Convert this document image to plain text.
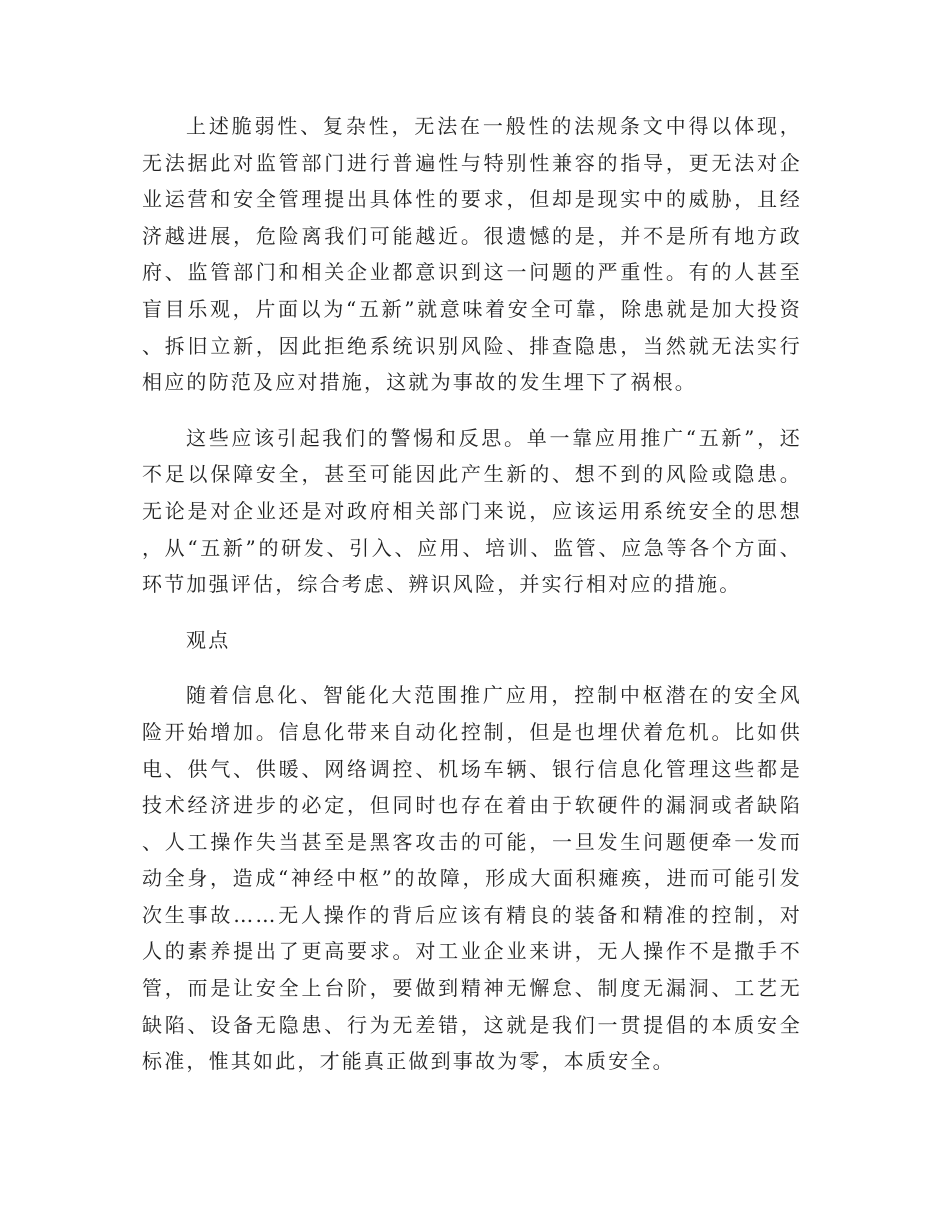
上述脆弱性、复杂性，无法在一般性的法规条文中得以体现，无法据此对监管部门进行普遍性与特别性兼容的指导，更无法对企业运营和安全管理提出具体性的要求，但却是现实中的威胁，且经济越进展，危险离我们可能越近。很遗憾的是，并不是所有地方政府、监管部门和相关企业都意识到这一问题的严重性。有的人甚至盲目乐观，片面以为“五新”就意味着安全可靠，除患就是加大投资、拆旧立新，因此拒绝系统识别风险、排查隐患，当然就无法实行相应的防范及应对措施，这就为事故的发生埋下了祸根。

这些应该引起我们的警惕和反思。单一靠应用推广“五新”，还不足以保障安全，甚至可能因此产生新的、想不到的风险或隐患。无论是对企业还是对政府相关部门来说，应该运用系统安全的思想，从“五新”的研发、引入、应用、培训、监管、应急等各个方面、环节加强评估，综合考虑、辨识风险，并实行相对应的措施。

观点

随着信息化、智能化大范围推广应用，控制中枢潜在的安全风险开始增加。信息化带来自动化控制，但是也埋伏着危机。比如供电、供气、供暖、网络调控、机场车辆、银行信息化管理这些都是技术经济进步的必定，但同时也存在着由于软硬件的漏洞或者缺陷、人工操作失当甚至是黑客攻击的可能，一旦发生问题便牵一发而动全身，造成“神经中枢”的故障，形成大面积瘫痪，进而可能引发次生事故……无人操作的背后应该有精良的装备和精准的控制，对人的素养提出了更高要求。对工业企业来讲，无人操作不是撒手不管，而是让安全上台阶，要做到精神无懈怠、制度无漏洞、工艺无缺陷、设备无隐患、行为无差错，这就是我们一贯提倡的本质安全标准，惟其如此，才能真正做到事故为零，本质安全。
